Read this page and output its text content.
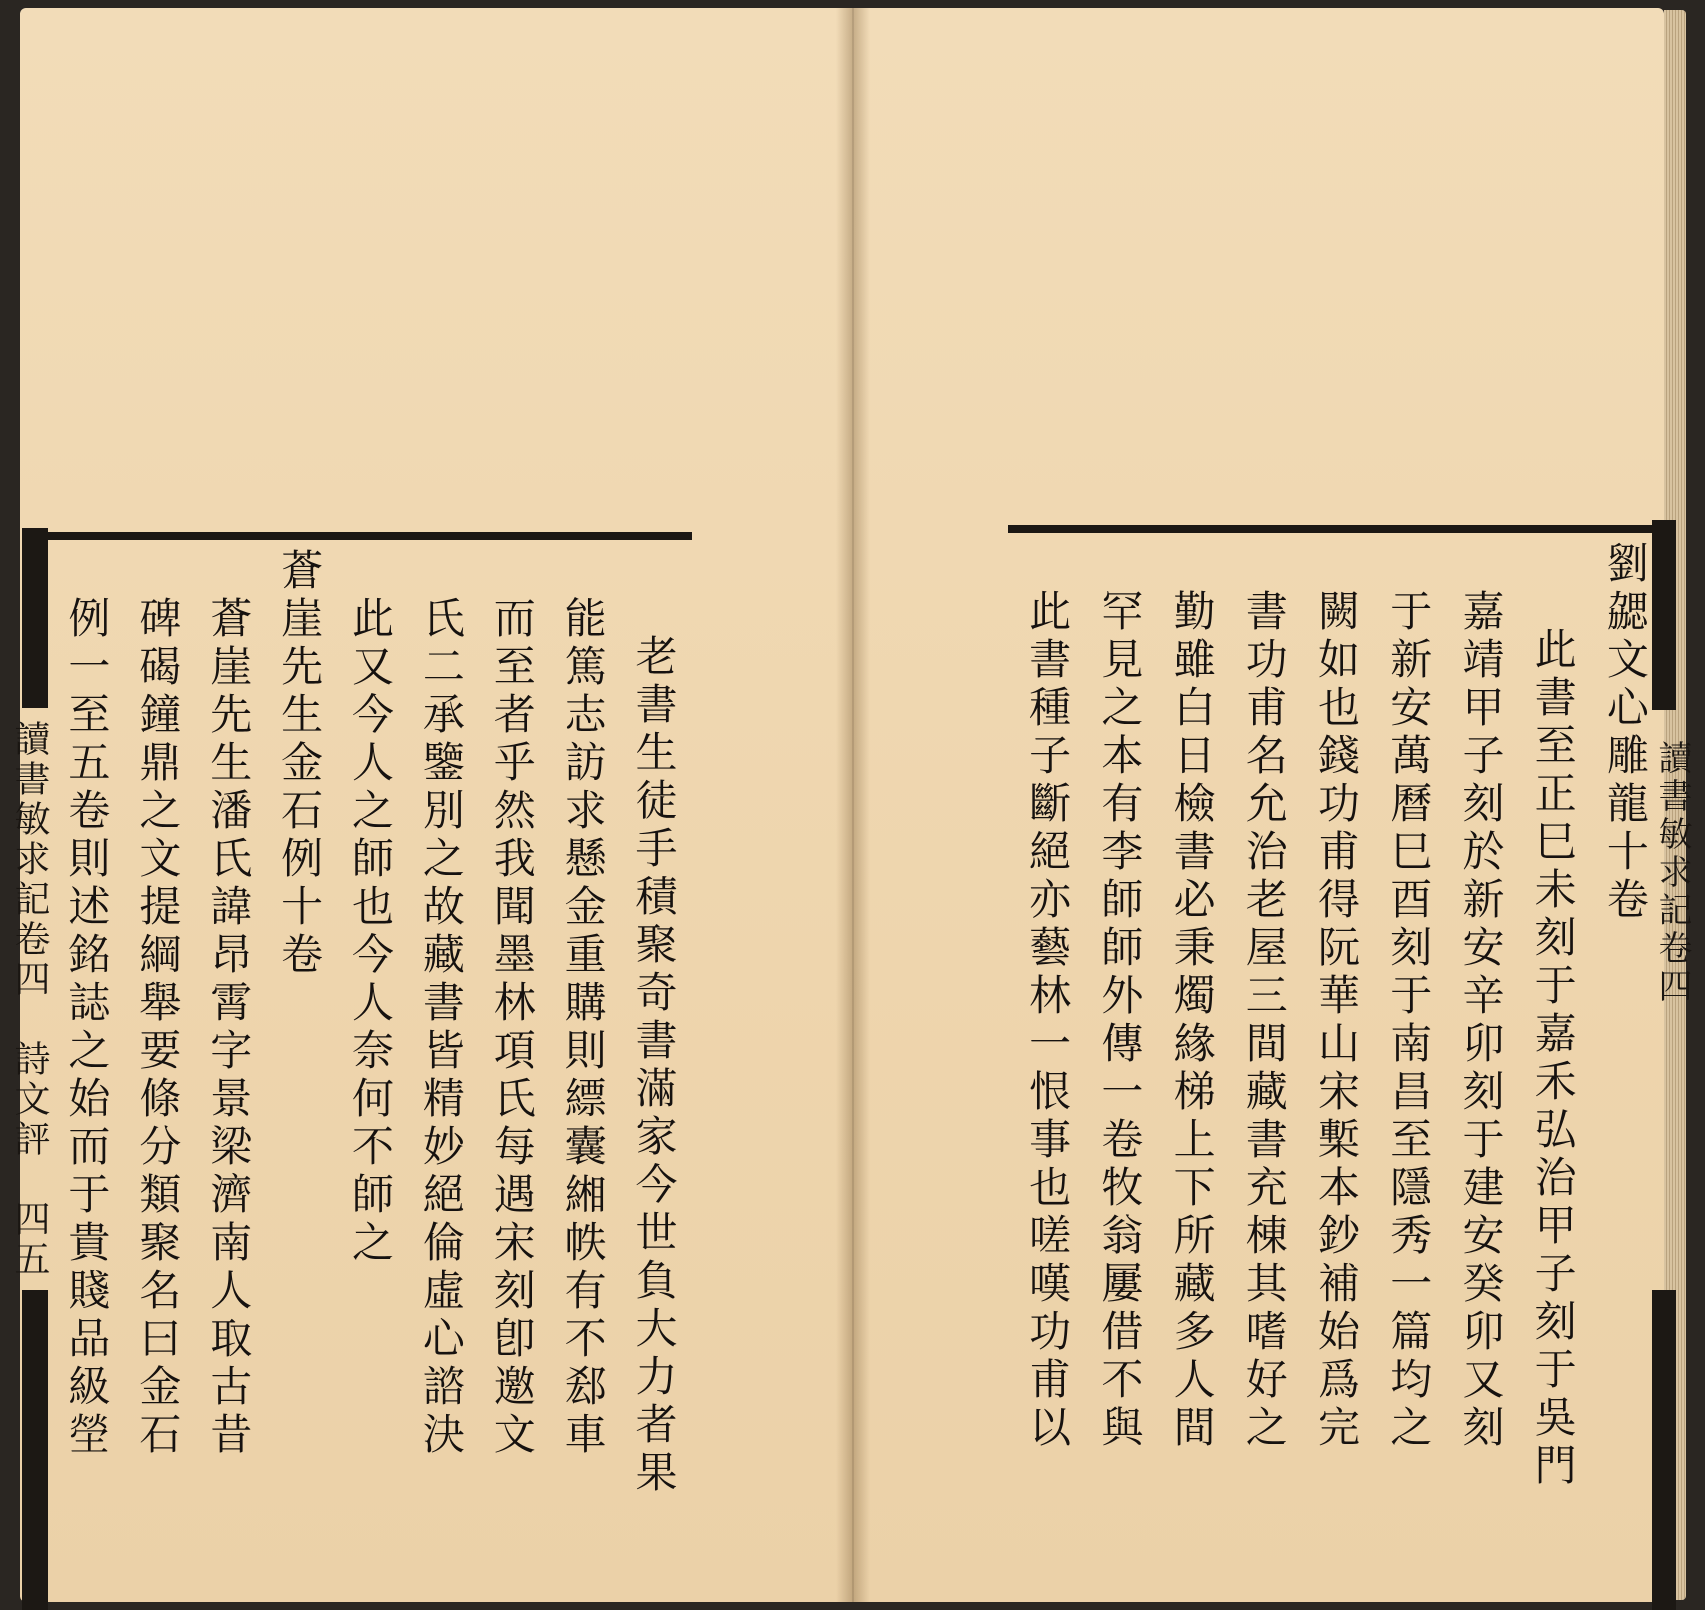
老書生徒手積聚奇書滿家今世負大力者果
能篤志訪求懸金重購則縹囊緗帙有不郄車
而至者乎然我聞墨林項氏每遇宋刻卽邀文
氏二承鑒別之故藏書皆精妙絕倫虛心諮決
此又今人之師也今人奈何不師之
蒼崖先生金石例十卷
蒼崖先生潘氏諱昂霄字景梁濟南人取古昔
碑碣鐘鼎之文提綱舉要條分類聚名曰金石
例一至五卷則述銘誌之始而于貴賤品級塋
讀書敏求記卷四　詩文評　四五	劉勰文心雕龍十卷
此書至正巳未刻于嘉禾弘治甲子刻于吳門
嘉靖甲子刻於新安辛卯刻于建安癸卯又刻
于新安萬曆巳酉刻于南昌至隱秀一篇均之
闕如也錢功甫得阮華山宋槧本鈔補始爲完
書功甫名允治老屋三間藏書充棟其嗜好之
勤雖白日檢書必秉燭緣梯上下所藏多人間
罕見之本有李師師外傳一卷牧翁屢借不與
此書種子斷絕亦藝林一恨事也嗟嘆功甫以	讀書敏求記卷四
